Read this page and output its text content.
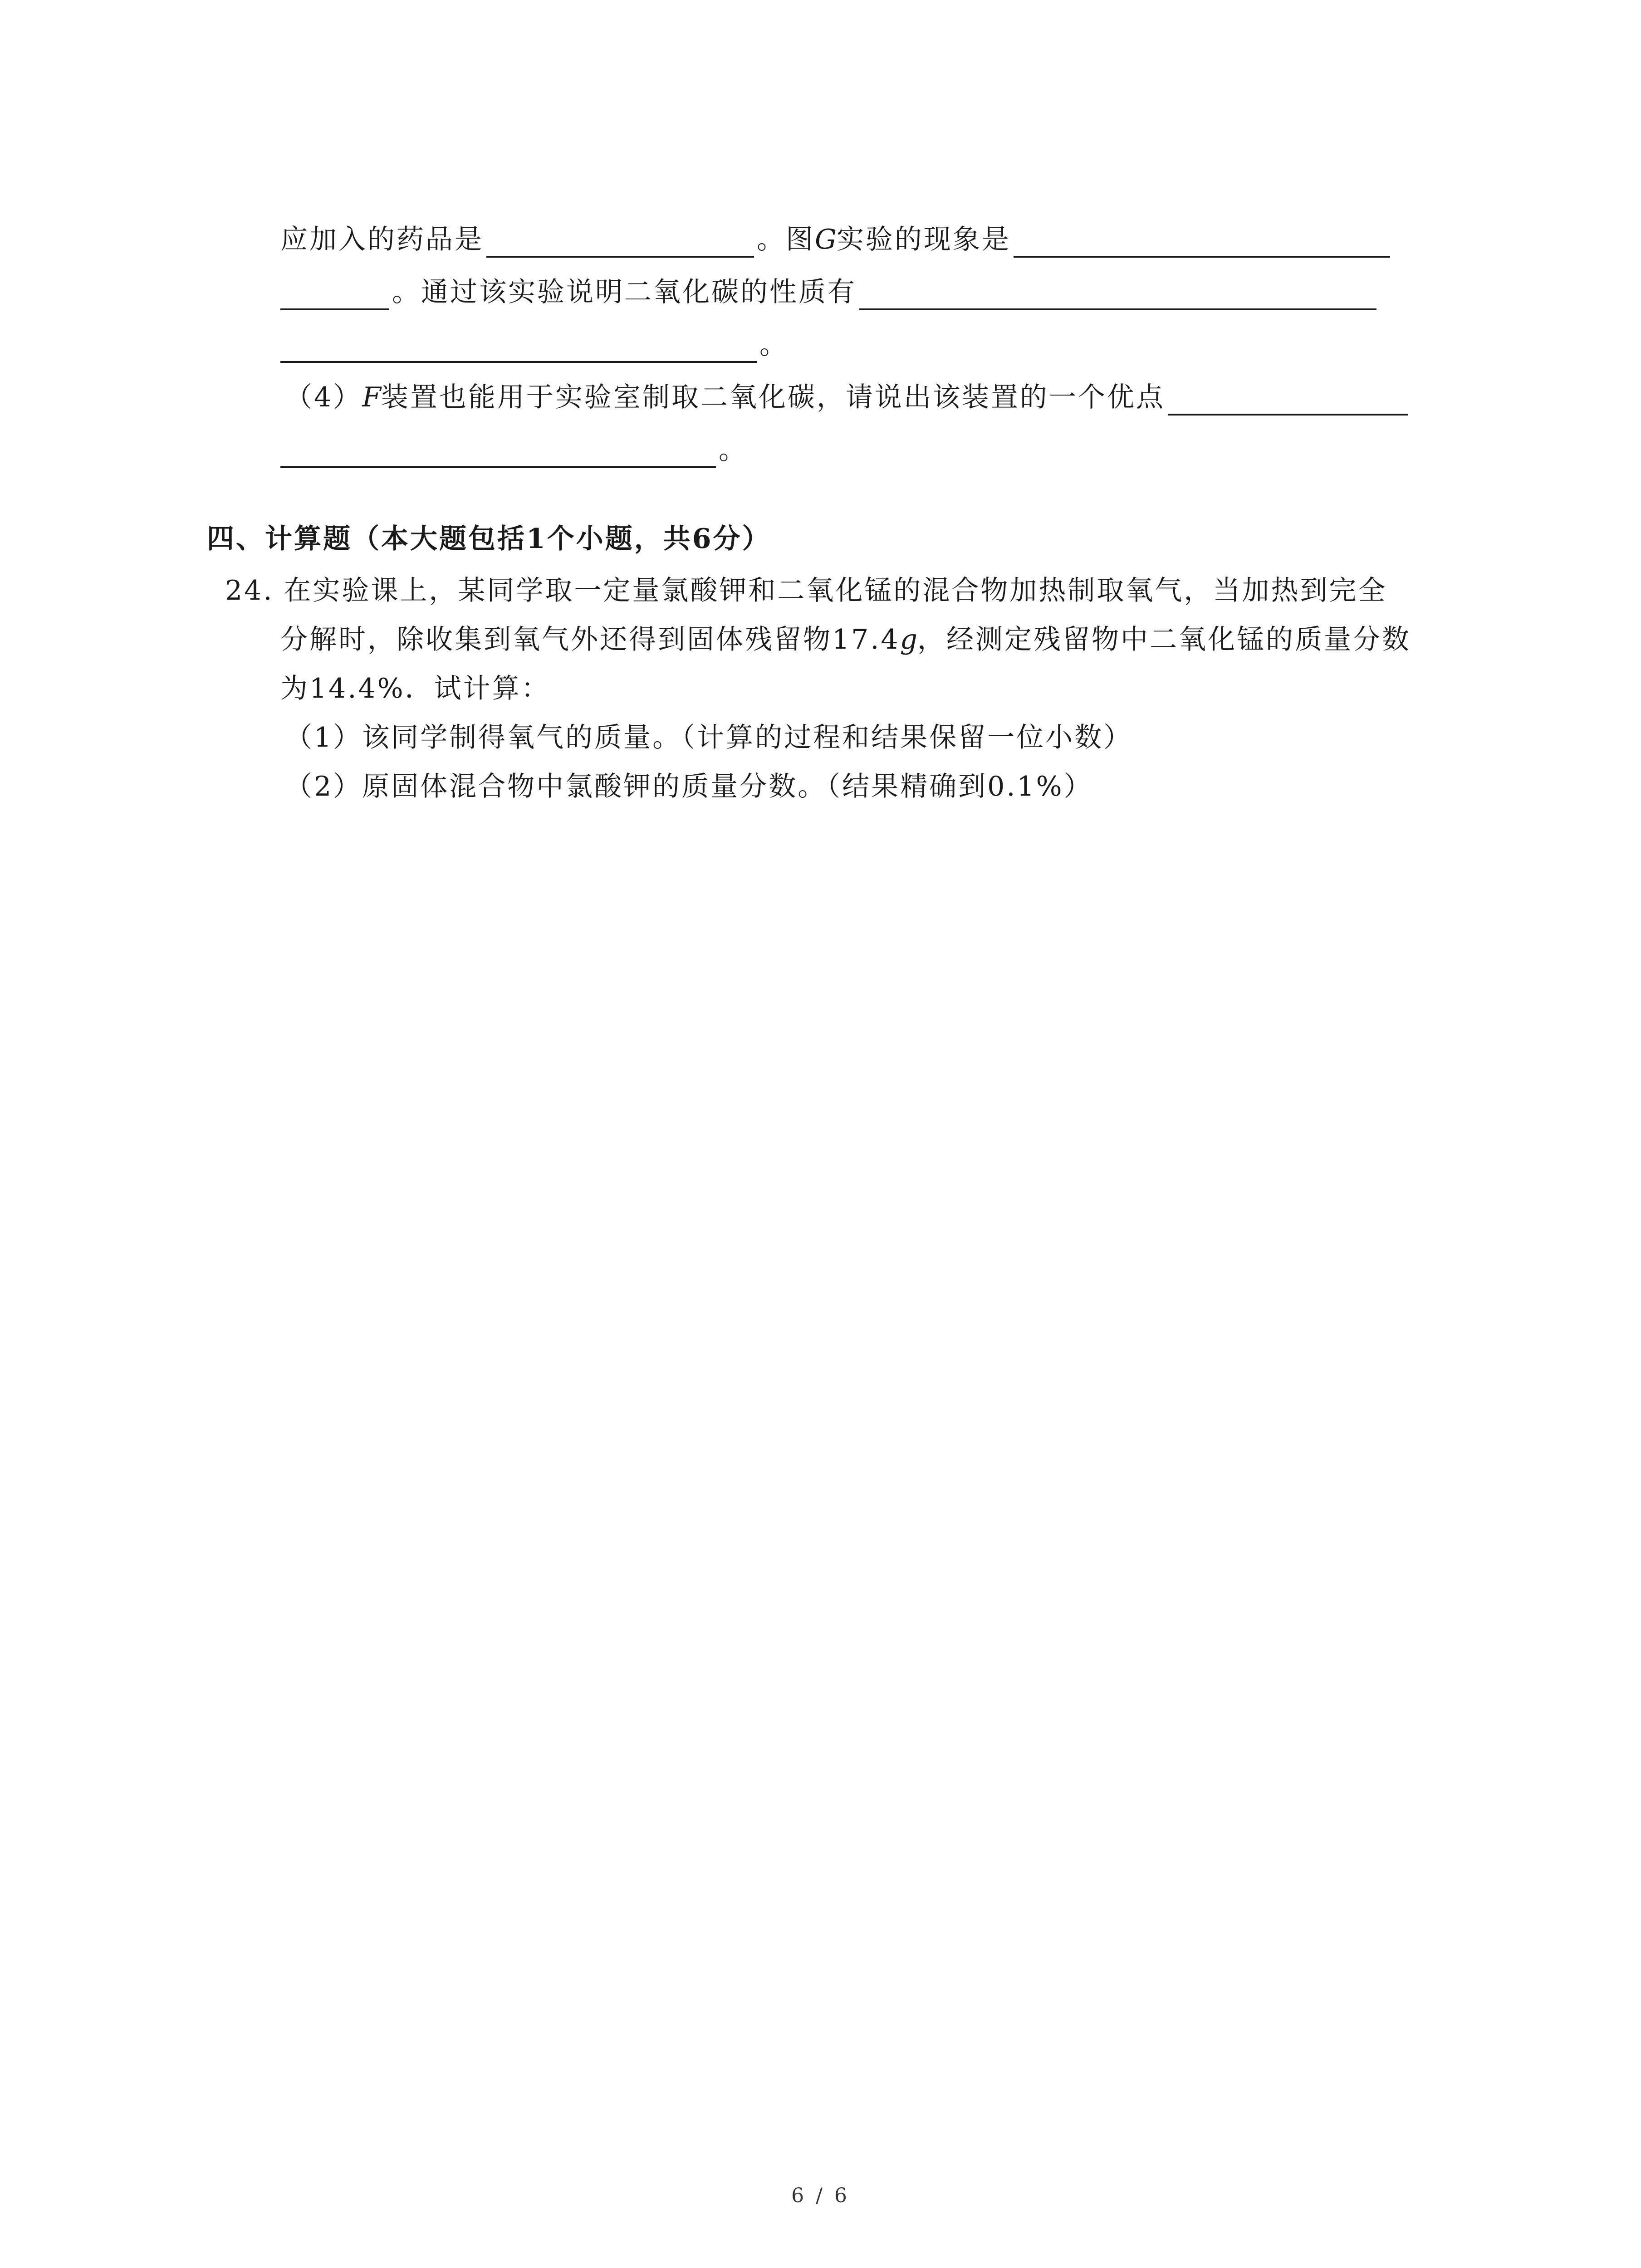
应加入的药品是	。图G实验的现象是
。通过该实验说明二氧化碳的性质有
。
（4）F装置也能用于实验室制取二氧化碳，请说出该装置的一个优点
。
四、计算题（本大题包括1个小题，共6分）
24. 在实验课上，某同学取一定量氯酸钾和二氧化锰的混合物加热制取氧气，当加热到完全
分解时，除收集到氧气外还得到固体残留物17.4g，经测定残留物中二氧化锰的质量分数
为14.4%．试计算：
（1）该同学制得氧气的质量。（计算的过程和结果保留一位小数）
（2）原固体混合物中氯酸钾的质量分数。（结果精确到0.1%）
6 / 6
